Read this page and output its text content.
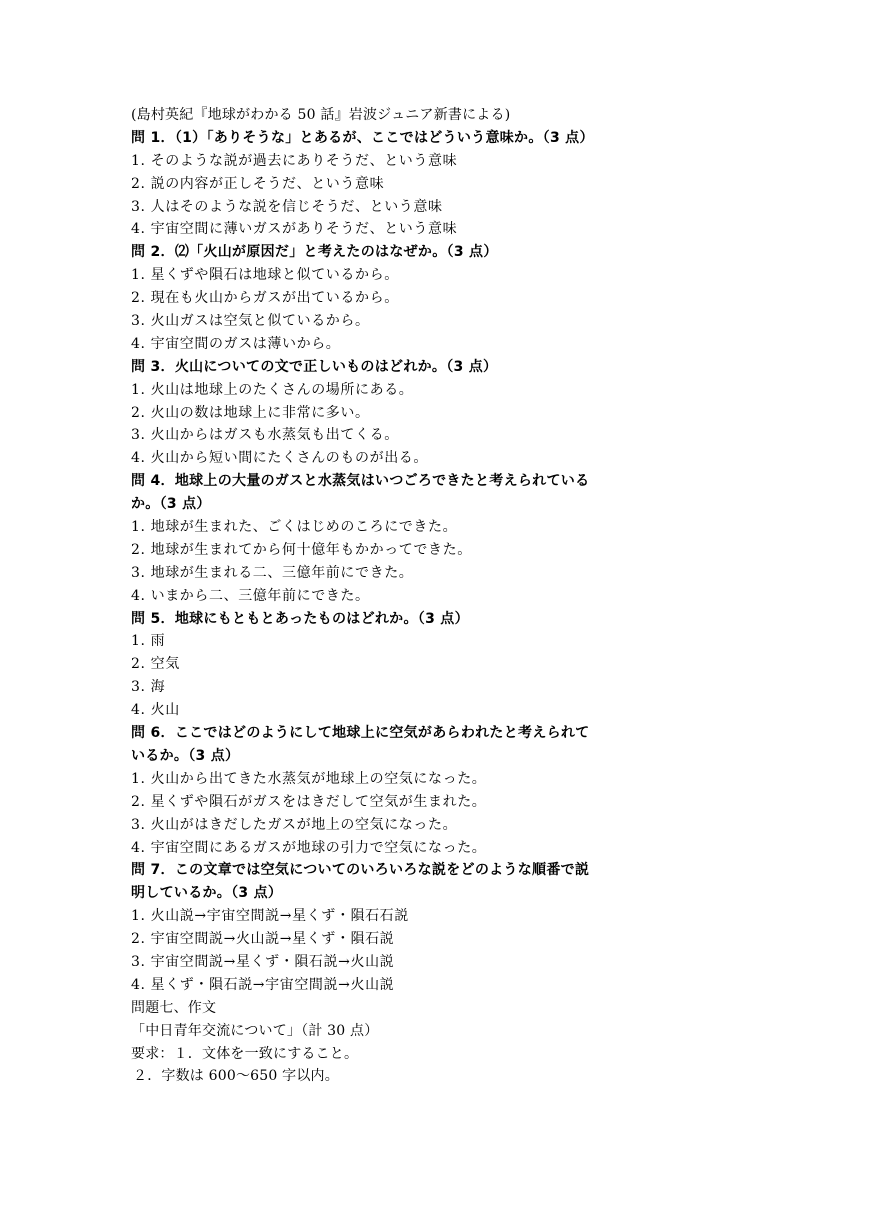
(島村英紀『地球がわかる 50 話』岩波ジュニア新書による)
問 1．（1）「ありそうな」とあるが、ここではどういう意味か。（3 点）
1. そのような説が過去にありそうだ、という意味
2. 説の内容が正しそうだ、という意味
3. 人はそのような説を信じそうだ、という意味
4. 宇宙空間に薄いガスがありそうだ、という意味
問 2．⑵「火山が原因だ」と考えたのはなぜか。（3 点）
1. 星くずや隕石は地球と似ているから。
2. 現在も火山からガスが出ているから。
3. 火山ガスは空気と似ているから。
4. 宇宙空間のガスは薄いから。
問 3．火山についての文で正しいものはどれか。（3 点）
1. 火山は地球上のたくさんの場所にある。
2. 火山の数は地球上に非常に多い。
3. 火山からはガスも水蒸気も出てくる。
4. 火山から短い間にたくさんのものが出る。
問 4．地球上の大量のガスと水蒸気はいつごろできたと考えられている
か。（3 点）
1. 地球が生まれた、ごくはじめのころにできた。
2. 地球が生まれてから何十億年もかかってできた。
3. 地球が生まれる二、三億年前にできた。
4. いまから二、三億年前にできた。
問 5．地球にもともとあったものはどれか。（3 点）
1. 雨
2. 空気
3. 海
4. 火山
問 6．ここではどのようにして地球上に空気があらわれたと考えられて
いるか。（3 点）
1. 火山から出てきた水蒸気が地球上の空気になった。
2. 星くずや隕石がガスをはきだして空気が生まれた。
3. 火山がはきだしたガスが地上の空気になった。
4. 宇宙空間にあるガスが地球の引力で空気になった。
問 7．この文章では空気についてのいろいろな説をどのような順番で説
明しているか。（3 点）
1. 火山説→宇宙空間説→星くず・隕石石説
2. 宇宙空間説→火山説→星くず・隕石説
3. 宇宙空間説→星くず・隕石説→火山説
4. 星くず・隕石説→宇宙空間説→火山説
問題七、作文
「中日青年交流について」（計 30 点）
要求：１．文体を一致にすること。
２．字数は 600～650 字以内。
